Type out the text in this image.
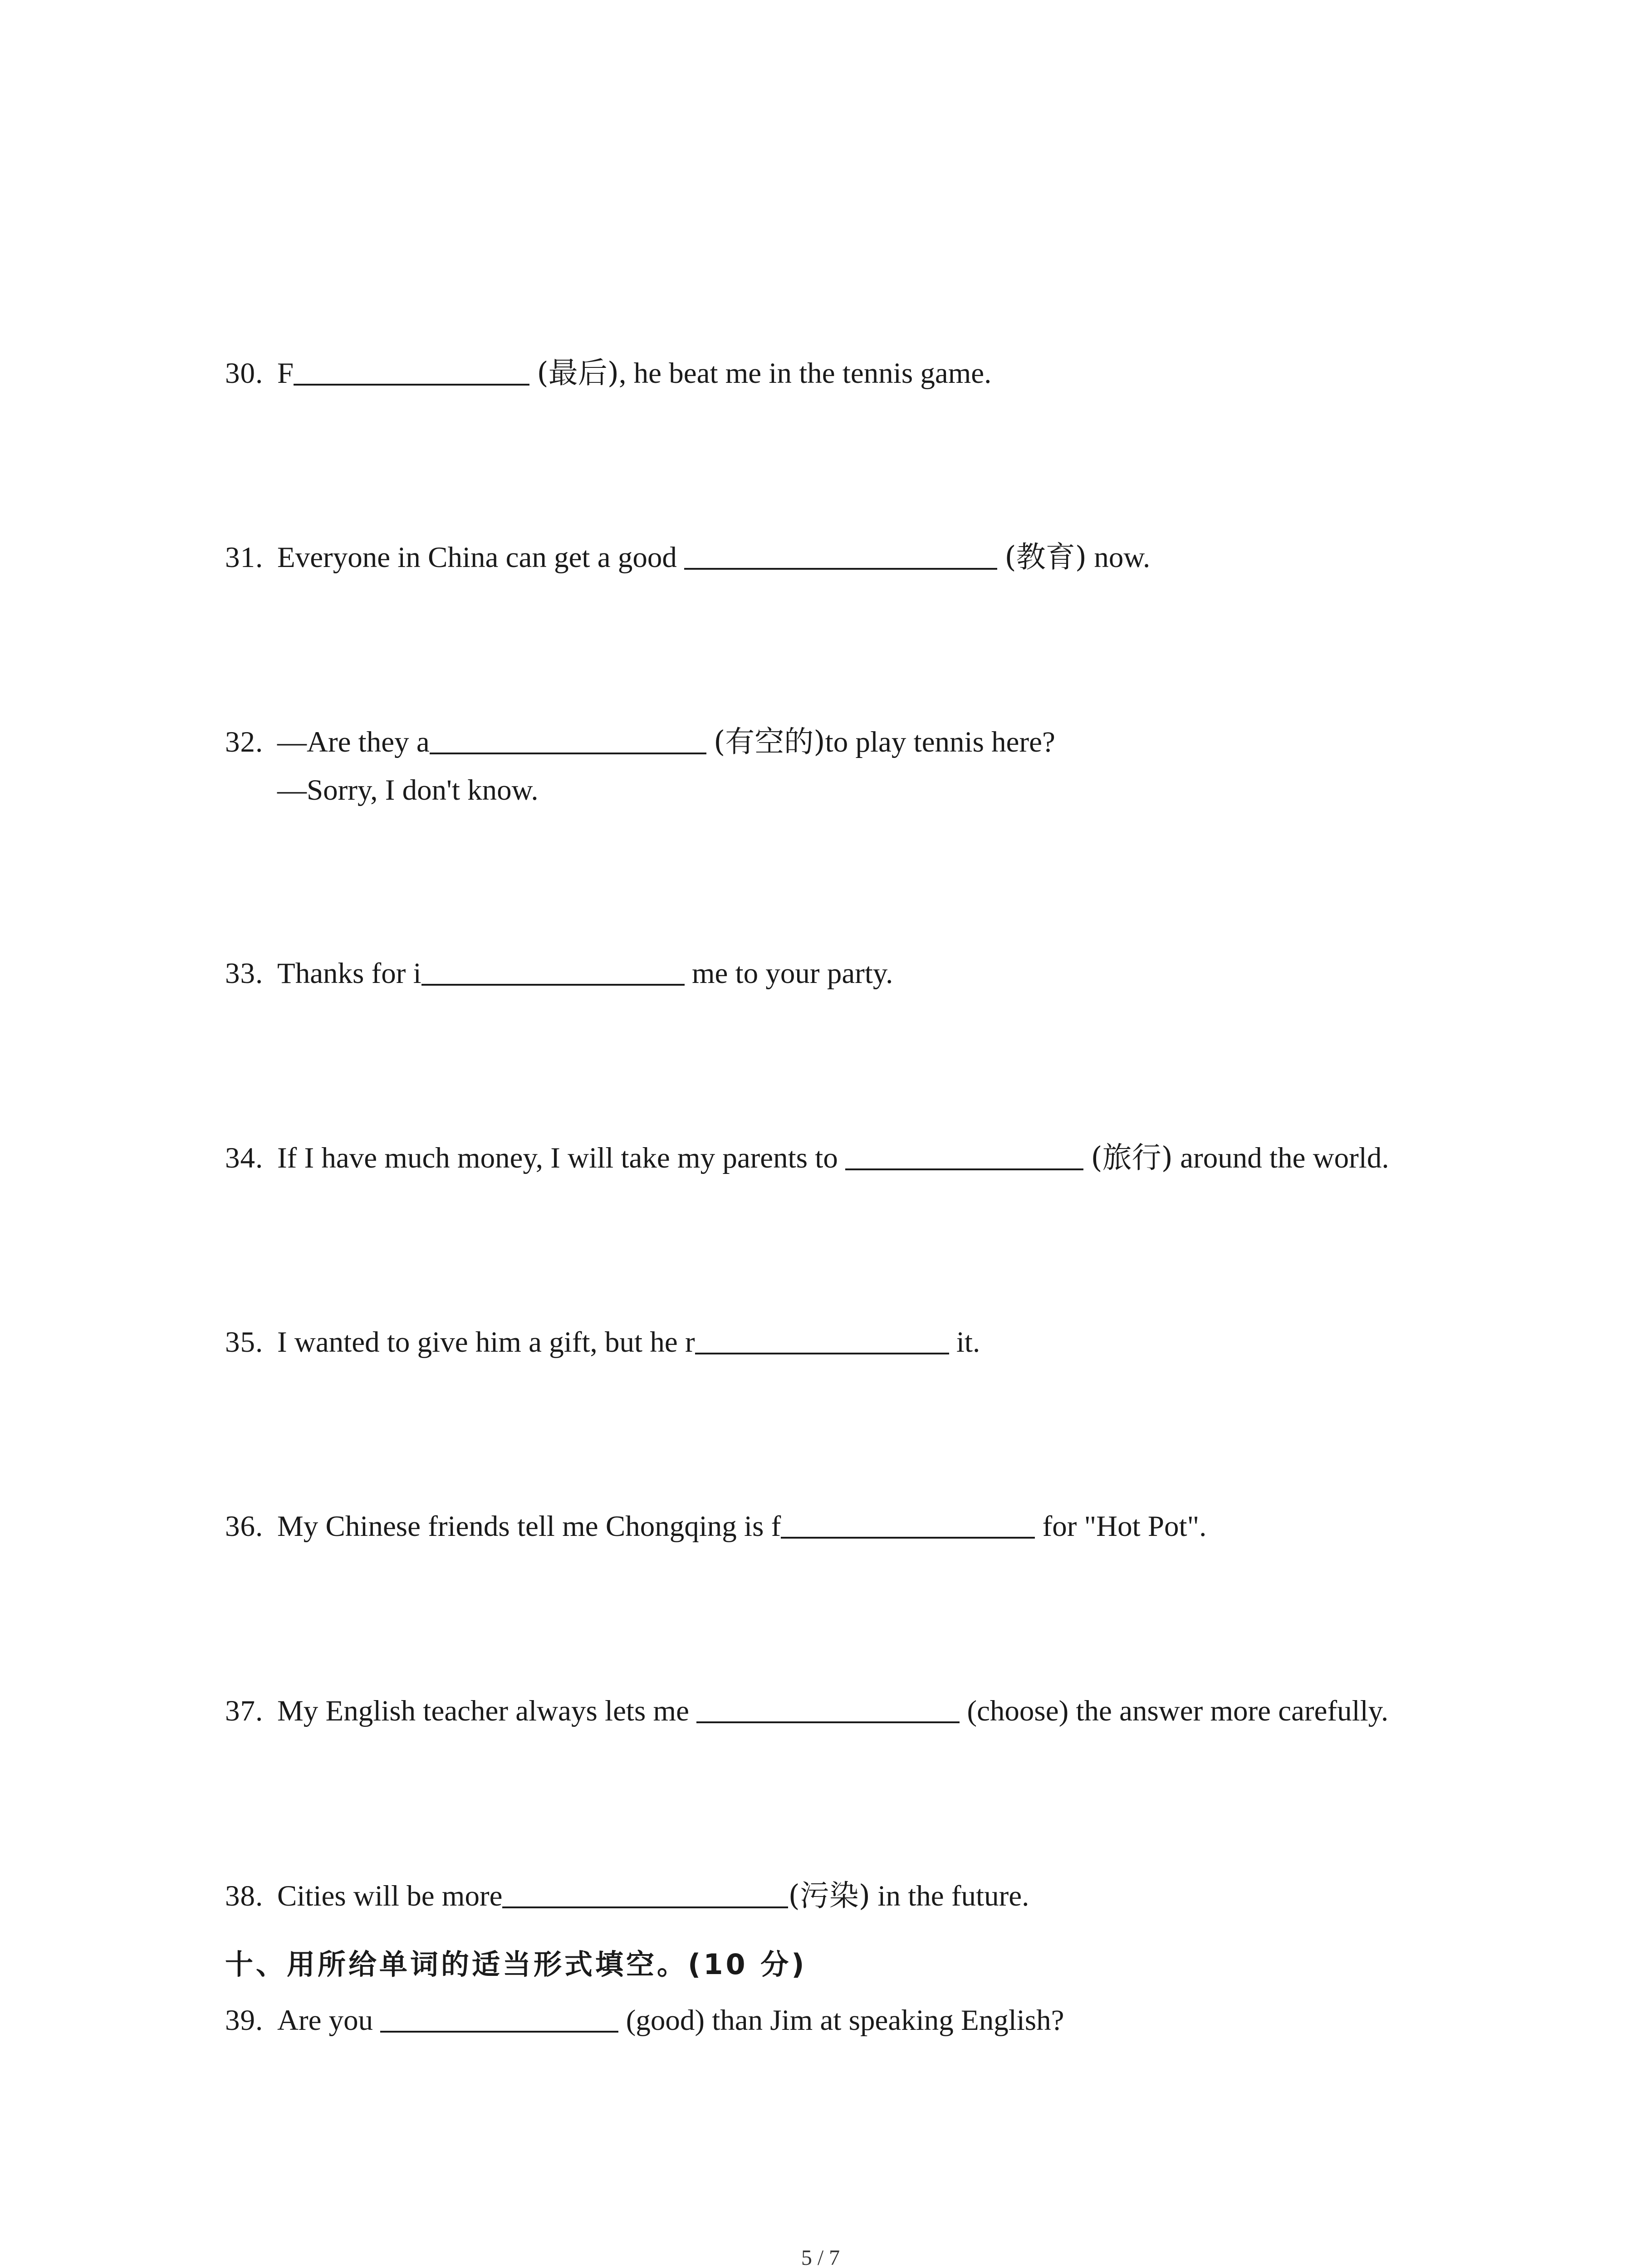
30. F	(最后), he beat me in the tennis game.
31. Everyone in China can get a good	(教育) now.
32. —Are they a	(有空的)to play tennis here?
—Sorry, I don't know.
33. Thanks for i	me to your party.
34. If I have much money, I will take my parents to	(旅行) around the world.
35. I wanted to give him a gift, but he r	it.
36. My Chinese friends tell me Chongqing is f	for "Hot Pot".
37. My English teacher always lets me	(choose) the answer more carefully.
38. Cities will be more	(污染) in the future.
十、用所给单词的适当形式填空。(10 分)
39. Are you	(good) than Jim at speaking English?
5 / 7
